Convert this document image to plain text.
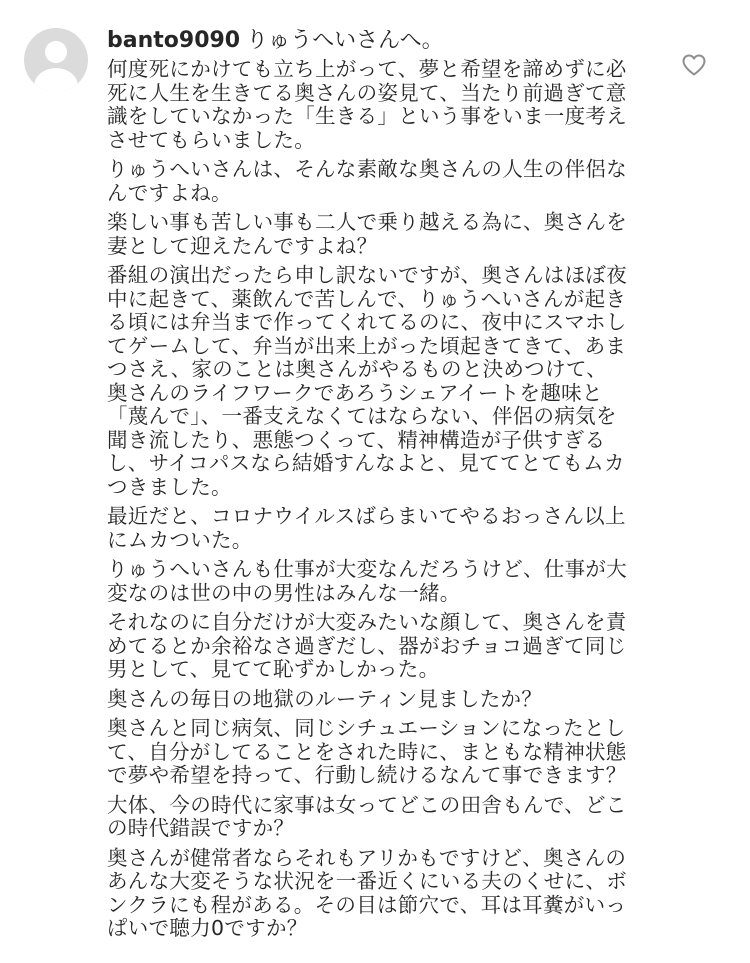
banto9090 りゅうへいさんへ。

何度死にかけても立ち上がって、夢と希望を諦めずに必死に人生を生きてる奥さんの姿見て、当たり前過ぎて意識をしていなかった「生きる」という事をいま一度考えさせてもらいました。

りゅうへいさんは、そんな素敵な奥さんの人生の伴侶なんですよね。

楽しい事も苦しい事も二人で乗り越える為に、奥さんを妻として迎えたんですよね？

番組の演出だったら申し訳ないですが、奥さんはほぼ夜中に起きて、薬飲んで苦しんで、りゅうへいさんが起きる頃には弁当まで作ってくれてるのに、夜中にスマホしてゲームして、弁当が出来上がった頃起きてきて、あまつさえ、家のことは奥さんがやるものと決めつけて、奥さんのライフワークであろうシェアイートを趣味と「蔑んで」、一番支えなくてはならない、伴侶の病気を聞き流したり、悪態つくって、精神構造が子供すぎるし、サイコパスなら結婚すんなよと、見ててとてもムカつきました。

最近だと、コロナウイルスばらまいてやるおっさん以上にムカついた。

りゅうへいさんも仕事が大変なんだろうけど、仕事が大変なのは世の中の男性はみんな一緒。

それなのに自分だけが大変みたいな顔して、奥さんを責めてるとか余裕なさ過ぎだし、器がおチョコ過ぎて同じ男として、見てて恥ずかしかった。

奥さんの毎日の地獄のルーティン見ましたか？

奥さんと同じ病気、同じシチュエーションになったとして、自分がしてることをされた時に、まともな精神状態で夢や希望を持って、行動し続けるなんて事できます？

大体、今の時代に家事は女ってどこの田舎もんで、どこの時代錯誤ですか？

奥さんが健常者ならそれもアリかもですけど、奥さんのあんな大変そうな状況を一番近くにいる夫のくせに、ボンクラにも程がある。その目は節穴で、耳は耳糞がいっぱいで聴力0ですか？
